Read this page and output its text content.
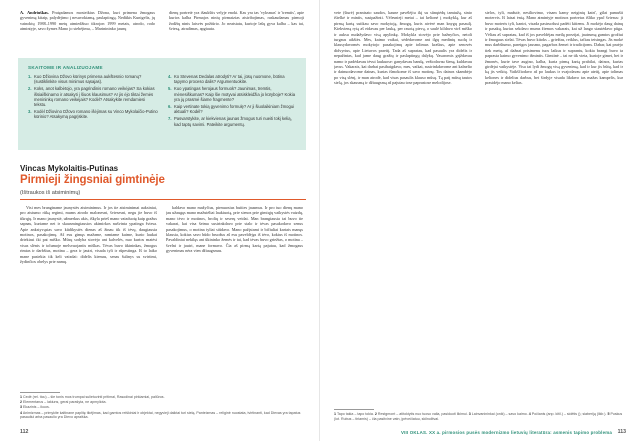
A. Andriuškas. Pratęsdamos mosteikius Džona, kuri primena žmogaus gyvenimą kitaip, palydėjimo į nesuvokiamą, paslaptingą. Nedūkis Kunigelis, jų vainoktų 1988–1990 metų atmiedžiuo tikrojon 1999 metais, atrodo, rodo atmintyje, savo žymes Mano jo stebėjimu, – Marinininko jaunų

dienų portretė yra išaukštis velyje enoki. Kas yra tas 'vyksmas' ir 'tremtis', apie kurios kalba Pirmajos ninių pirmaizias atsiribojimas, raskaudamas pirmoji žodžių ninis laisvės požiūrio. Jo neatstatu, kurioje lašų gyva kalba – kas tai, šviesą, atradimas, apgiauta.

SKAITOME IR ANALIZUOJAME
1. Kuo Džiovina Džovo kūrinys primena aukštesnio romanų? (sustiklinkite visus minimus sąsajas).
2. Koks, anot kalbėtojo, yra pagrindinis romano veikėjas? Sa kokias išsiaiškinamo ir atsakyti į šiuos klausimus? Ar jis ėjo tiktai žemės menininkų romano veikėjais? Kodėl? Atsakykite remdamiesi tekstu.
3. Kodėl Džiovino Džovo romano išėjimas su Vinco Mykolaičio-Putino kūrinio? Atsakymą pagrįskite.
4. Ko Stevenas Dedalas atrodyti? Ar tai, jūsų nuomone, būtina tapymo proceso dalis? Argumentuokite.
5. Kuo ypatingas herojaus formuok? Jaunimas, tremtis, mėnesiškumas? Kaip šie motyvai atsiskleidžia jo kūryboje? Kokia yra jų prasmė šiame fragmente?
6. Kaip vertinate tokią gyvenimo formulę? Ar ji šiuolaikiniam žmogui aktuali? Kodėl?
7. Pasvarstykite, ar kiekvienas jaunas žmogus turi nueiti tokį kelią, kad taptų savimi. Pateikite argumentų.
Vincas Mykolaitis-Putinas
Pirmieji žingsniai gimtinėje
(Ištraukos iš atsiminimų)

Visi mes branginame jaunystės atsiminimus. Ir jos tie atsiminimai auksiniai, pro atstumo rūką regimi, mums atrodo malonesni, šviesesni, negu jie buvo iš tikrųjų. Ir mano jaunystė, užmerkus akis, iškyla prieš mano vaizduotę kaip gražus sapnas, kuriame net ir skausmingiausios akimirkos nušvinta ypatinga šviesa. Apie ankstyvąsias savo kūdikystės dienas aš žinau tik iš tėvų, daugiausia motinos, pasakojimų. Aš esu gimęs mažame, ramiame kaime, kurio laukai driekiasi iki pat miško. Mūsų sodyba stovėjo ant kalvelės, nuo kurios matėsi visas slėnis ir tolumoje melsvuojantis miškas. Tėvas buvo ūkininkas, žmogus rimtas ir darbštus, motina – gera ir jautri, visada tyli ir rūpestinga. Iš to laiko mane pasiekia tik keli vaizdai: didelis kiemas, senas šulinys su svirtimi, žydinčios obelys prie namų.

kaldavo mano mažyčius, pirmuosius buities jausmus. Ir pro tuo dienų mano jau užaugęs mano mažutėliai laukiuotą, prie sienos prie gimtųjų vaikystės vaizdų, mano tėvo ir motinos, brolių ir seserų veidai. Man brangiausia tai buvo tie vakarai, kai visa šeima susirinkdavo prie stalo ir tėvas pasakodavo senus pasakojimus, o motina tyliai siūdavo. Mano pažįstami ir bičiuliai kartais manęs klausia, kokius savo būdo bruožus aš esu paveldėjęs iš tėvo, kokius iš motinos. Pavaldiniai nekilęs ant ūkininko žemės ir tai, kad tėvas buvo griežtas, o motina – švelni ir jautri, mane formavo. Čia aš pirmą kartą pajutau, kad žmogaus gyvenimas nėra vien džiaugsmas.

1 Cedė (rel. ticu) – šie tonis mos trumpai sulietuvinti pritimai, Rasodinai pirkiamiai, paliūros.
2 Elementarus – lakiuns, gerai parašyta, ne apmyliota.
3 Ekazinis – ikuos.
4 Animizmas – primykite kaltinane paplitę tikėjimas, kad gamtos reiškiniai ir objektai, negyvieji daiktai turi sielą. Panteizmas – religinė nuostata, tvirtinanti, kad Dievas yra tapatus pasauliui arba pasaulio yra Dievo apraiška.
112

vete (šiurė) pranisato saudos, kaune pavėlėjiu ikį su sūnųtėdų tamiužą, sinio ištelkė ir mintis, susipažinti. Vėlesnieji metai – tai kelionė į mokyklą, kur aš pirmą kartą sutikau savo mokytoją, žmogų, kuris atvėrė man knygų pasaulį. Kiekvieną rytą aš eidavau per lauką, per rasotą pievą, o saulė kildavo virš miško ir auksu nudažydavo visą apylinkę. Mokykla stovėjo prie bažnyčios, netoli turgaus aikštės. Mes, kaimo vaikai, sėdėdavome ant ilgų medinių suolų ir klausydavomės mokytojo pasakojimų apie tolimus kraštus, apie senovės didvyrius, apie Lietuvos praeitį. Tada aš supratau, kad pasaulis yra didelis ir nepažintas, kad jame daug gražių ir paslaptingų dalykų. Vasaromis grįždavau namo ir padėdavau tėvui laukuose: ganydavau bandą, vežiodavau šieną, kuldavau javus. Vakarais, kai darbai pasibaigdavo, mes, vaikai, susirinkdavome ant kalnelio ir dainuodavome dainas, kurias išmokome iš savo motinų. Tos dainos skambėjo po visą slėnį, ir man atrodė, kad visas pasaulis klauso mūsų. Tą patį mūsų tautos sielą, jos skausmą ir džiaugsmą aš pajutau tose paprastose melodijose.

sielos, tyli, mažutė, nesiliovimo, visam kamy neiginių katri', gilai pamušti motervis. Iš laisai ėnią. Mano atmintyje motinos portretas išliko ypač šviesus: ji buvo moteris tyli, kantri, visada pasiruošusi padėti kitiems. Ji mokėjo daug dainų ir pasakų, kurias sekdavo mums žiemos vakarais, kai už lango siautėdavo pūga. Vėliau aš supratau, kad iš jos paveldėjau meilę poezijai, jautrumą gamtos grožiui ir žmogaus sielai. Tėvas buvo kitoks – griežtas, reiklus, tačiau teisingas. Jis mokė mus darbštumo, pareigos jausmo, pagarbos žemei ir tradicijoms. Dabar, kai praėjo tiek metų, aš dažnai prisimenu tuos laikus ir suprantu, kokia brangi buvo ta paprasta kaimo gyvenimo išmintis. Gimtinė – tai ne tik vieta, kurioje gimei, bet ir žmonės, kurie tave augino, kalba, kuria pirmą kartą prabilai, dainos, kurias girdėjai vaikystėje. Visa tai lydi žmogų visą gyvenimą, kad ir kur jis būtų, kad ir ką jis veiktų. Vaikščiodavo aš po laukus ir svajodavau apie ateitį, apie tolimas keliones ir didelius darbus, bet širdyje visada likdavo tas mažas kampelis, kur prasidėjo mano kelias.

1 Tapo takia – tapo tokia. 2 Restgmont – atitoktytis nuo tuoso valia, pasiduoti likimui. 3 Lainvanininkai (onik) – savo kaimo. 4 Počianis (anp. kitil.) – sidėtis (); siaberiją (liklr.). 5 Puskus (lot. Rubus – tiriamis) – čia pasitvine vatn, įpėvečiatuu, skilnolitvai.
VIII OKLAS. XX a. pirmosios pusės modernizmo lietuvių literatūra: asmenis tapimo problema 113
